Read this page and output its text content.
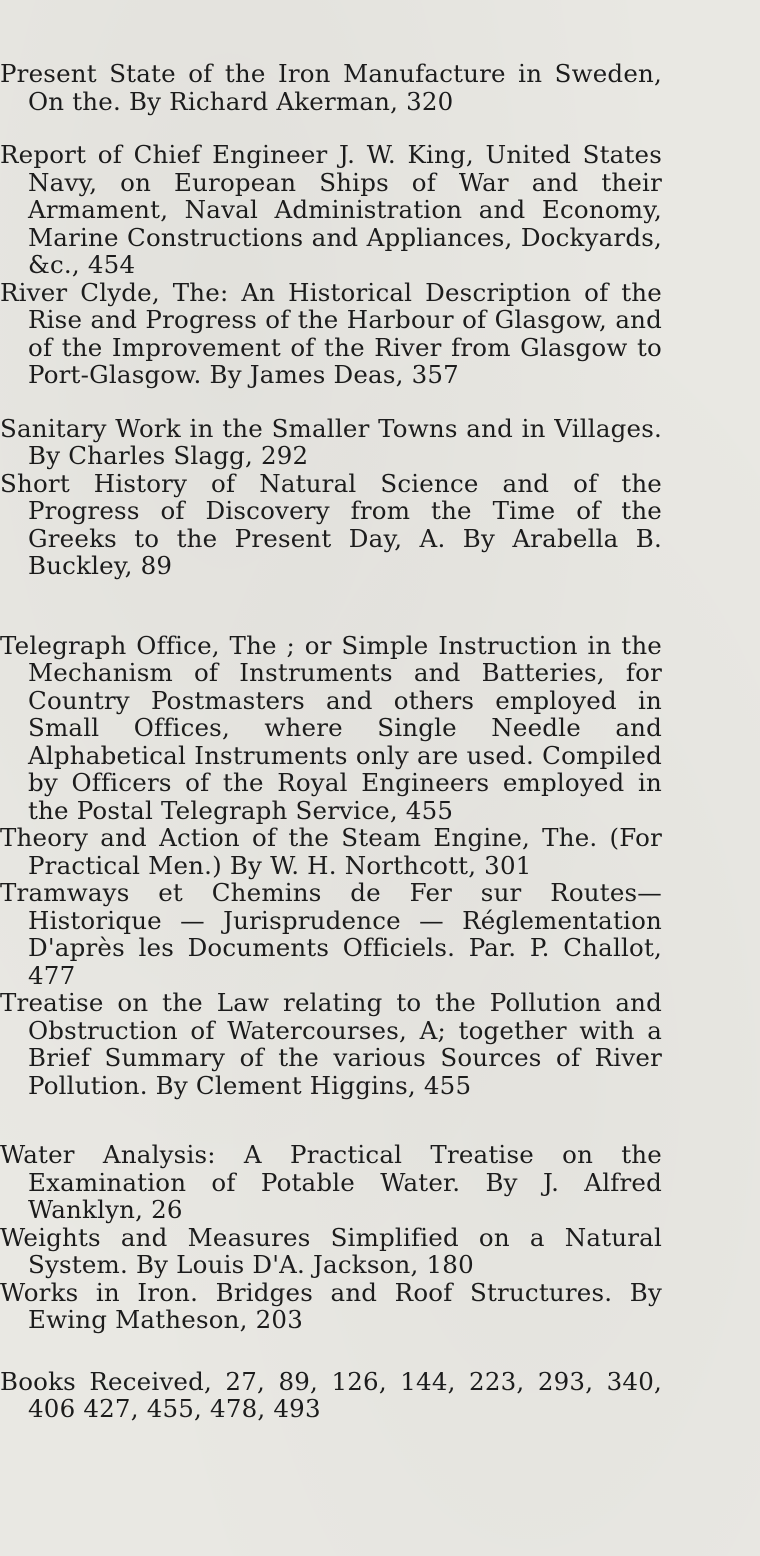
Present State of the Iron Manufacture in Sweden, On the. By Richard Akerman, 320

Report of Chief Engineer J. W. King, United States Navy, on European Ships of War and their Armament, Naval Administration and Economy, Marine Constructions and Appliances, Dockyards, &c., 454

River Clyde, The: An Historical Description of the Rise and Progress of the Harbour of Glasgow, and of the Improvement of the River from Glasgow to Port-Glasgow. By James Deas, 357

Sanitary Work in the Smaller Towns and in Villages. By Charles Slagg, 292

Short History of Natural Science and of the Progress of Discovery from the Time of the Greeks to the Present Day, A. By Arabella B. Buckley, 89

Telegraph Office, The ; or Simple Instruction in the Mechanism of Instruments and Batteries, for Country Postmasters and others employed in Small Offices, where Single Needle and Alphabetical Instruments only are used. Compiled by Officers of the Royal Engineers employed in the Postal Telegraph Service, 455

Theory and Action of the Steam Engine, The. (For Practical Men.) By W. H. Northcott, 301

Tramways et Chemins de Fer sur Routes—Historique — Jurisprudence — Réglementation D'après les Documents Officiels. Par. P. Challot, 477

Treatise on the Law relating to the Pollution and Obstruction of Watercourses, A; together with a Brief Summary of the various Sources of River Pollution. By Clement Higgins, 455

Water Analysis: A Practical Treatise on the Examination of Potable Water. By J. Alfred Wanklyn, 26

Weights and Measures Simplified on a Natural System. By Louis D'A. Jackson, 180

Works in Iron. Bridges and Roof Structures. By Ewing Matheson, 203

Books Received, 27, 89, 126, 144, 223, 293, 340, 406 427, 455, 478, 493
